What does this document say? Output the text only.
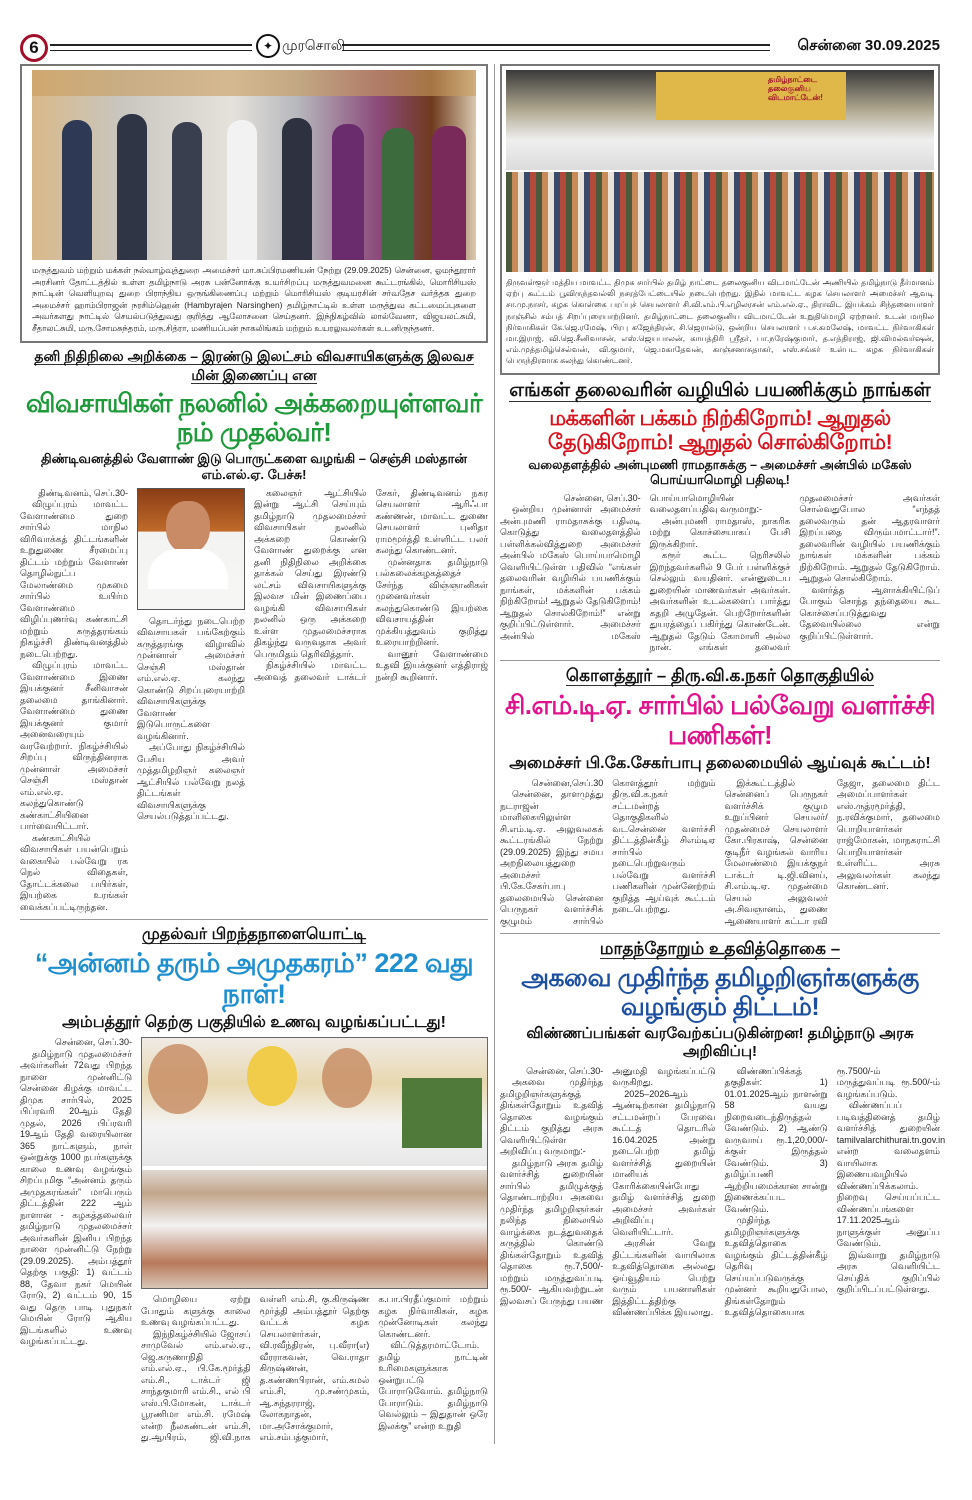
6	✦ முரசொலி	சென்னை 30.09.2025
மருத்துவம் மற்றும் மக்கள் நல்வாழ்வுத்துறை அமைச்சர் மா.சுப்பிரமணியன் நேற்று (29.09.2025) சென்னை, ஓமந்தூரார் அரசினர் தோட்டத்தில் உள்ள தமிழ்நாடு அரசு பன்னோக்கு உயர்சிறப்பு மருத்துவமனை கூட்டரங்கில், மொரிசியஸ் நாட்டின் வெளியுறவு துறை பிராந்திய ஒருங்கிணைப்பு மற்றும் மொரிசியஸ் குடியரசின் சர்வதேச வர்த்தக துறை அமைச்சர் ஹாம்பிராஜன் நரசிம்ஹென் (Hambyrajen Narsinghen) தமிழ்நாட்டில் உள்ள மருத்துவ கட்டமைப்புகளை அவர்களது நாட்டில் செயல்படுத்துவது குறித்து ஆலோசனை செய்தனர். இந்நிகழ்வில் லால்வேனா, விஜயலட்சுமி, சீதாலட்சுமி, மரு.சோமசுந்தரம், மரு.சித்ரா, மணியப்பன் நாகலிங்கம் மற்றும் உயரலுவலர்கள் உடனிருந்தனர்.
தனி நிதிநிலை அறிக்கை – இரண்டு இலட்சம் விவசாயிகளுக்கு இலவச மின் இணைப்பு என
விவசாயிகள் நலனில் அக்கறையுள்ளவர் நம் முதல்வர்!
திண்டிவனத்தில் வேளாண் இடு பொருட்களை வழங்கி – செஞ்சி மஸ்தான் எம்.எல்.ஏ. பேச்சு!

திண்டிவனம், செப்.30-

விழுப்புரம் மாவட்ட வேளாண்மை துறை சார்பில் மாநில விரிவாக்கத் திட்டங்களின் உறுதுணை சீரமைப்பு திட்டம் மற்றும் வேளாண் தொழில்நுட்ப மேலாண்மை முகமை சார்பில் உயிர்ம வேளாண்மை விழிப்புணர்வு கண்காட்சி மற்றும் கருத்தரங்கம் நிகழ்ச்சி திண்டிவனத்தில் நடைபெற்றது.

விழுப்புரம் மாவட்ட வேளாண்மை இணை இயக்குனர் சீனிவாசன் தலைமை தாங்கினார். வேளாண்மை துணை இயக்குனர் குமார் அனைவரையும் வரவேற்றார். நிகழ்ச்சியில் சிறப்பு விருந்தினராக முன்னாள் அமைச்சர் செஞ்சி மஸ்தான் எம்.எல்.ஏ. கலந்துகொண்டு கண்காட்சியினை பார்வையிட்டார்.

கண்காட்சியில் விவசாயிகள் பயன்பெறும் வகையில் பல்வேறு ரக நெல் விதைகள், தோட்டக்கலை பயிர்கள், இயற்கை உரங்கள் வைக்கப்பட்டிருந்தன.

தொடர்ந்து நடைபெற்ற விவசாயகள் பங்கேற்கும் கருத்தரங்கு விழாவில் முன்னாள் அமைச்சர் செஞ்சி மஸ்தான் எம்.எல்.ஏ. கலந்து கொண்டு சிறப்புரையாற்றி விவசாயிகளுக்கு வேளாண் இடுபொருட்களை வழங்கினார்.

அப்போது நிகழ்ச்சியில் பேசிய அவர் முத்தமிழறிஞர் கலைஞர் ஆட்சியில் பல்வேறு நலத் திட்டங்கள் விவசாயிகளுக்கு செயல்படுத்தப்பட்டது.

கலைஞர் ஆட்சியில் இன்று ஆட்சி செய்யும் தமிழ்நாடு முதலமைச்சர் விவசாயிகள் நலனில் அக்கறை கொண்டு வேளாண் துறைக்கு என தனி நிதிநிலை அறிக்கை தாக்கல் செய்து இரண்டு லட்சம் விவசாயிகளுக்கு இலவச மின் இணைப்பை வழங்கி விவசாயிகள் நலனில் ஒரு அக்கறை உள்ள முதலமைச்சராக திகழ்ந்து வருவதாக அவர் பெருமிதம் தெரிவித்தார்.

நிகழ்ச்சியில் மாவட்ட அவைத் தலைவர் டாக்டர் சேகர், திண்டிவனம் நகர செயலாளர் ஆரிஃபா கண்ணன், மாவட்ட துணை செயலாளர் புனிதா ராமமூர்த்தி உள்ளிட்ட பலர் கலந்து கொண்டனர்.

முன்னதாக தமிழ்நாடு பல்கலைக்கழகத்தைச் சேர்ந்த விஞ்ஞானிகள் முனைவர்கள் கலந்துகொண்டு இயற்கை விவசாயத்தின் முக்கியத்துவம் குறித்து உரையாற்றினர்.

வானூர் வேளாண்மை உதவி இயக்குனர் எத்திராஜ் நன்றி கூறினார்.

முதல்வர் பிறந்தநாளையொட்டி
“அன்னம் தரும் அமுதகரம்” 222 வது நாள்!
அம்பத்தூர் தெற்கு பகுதியில் உணவு வழங்கப்பட்டது!

சென்னை, செப்.30-

தமிழ்நாடு முதலமைச்சர் அவர்களின் 72வது பிறந்த நாளை முன்னிட்டு சென்னை கிழக்கு மாவட்ட திமுக சார்பில், 2025 பிப்ரவரி 20ஆம் தேதி முதல், 2026 பிப்ரவரி 19ஆம் தேதி வரையிலான 365 நாட்களும், நாள் ஒன்றுக்கு 1000 நபர்களுக்கு காலை உணவு வழங்கும் சிறப்புமிகு “அன்னம் தரும் அமுதகரங்கள்” மாபெரும் திட்டத்தின் 222 ஆம் நாளான - கழகத்தலைவர் தமிழ்நாடு முதலமைச்சர் அவர்களின் இனிய பிறந்த நாளை முன்னிட்டு நேற்று (29.09.2025). அம்பத்தூர் தெற்கு பகுதி: 1) வட்டம் 88, தேவா நகர் மெயின் ரோடு, 2) வட்டம் 90, 15 வது தெரு பாடி புதுநகர் மெயின் ரோடு ஆகிய இடங்களில் உணவு வழங்கப்பட்டது.

மொழியை ஏற்று போதும் களுக்கு காலை உணவு வழங்கப்பட்டது.

இந்நிகழ்ச்சியில் ஜோசப் சாமுவேல் எம்.எல்.ஏ., ஜெ.கருணாநிதி எம்.எல்.ஏ., பி.கே.மூர்த்தி எம்.சி., டாக்டர் ஜி சாந்தகுமாரி எம்.சி., எல் பி எஸ்.பி.மோகன், டாக்டர் பூரணிமா எம்.சி. ரமேஷ் என்ற நீலகண்டன் எம்.சி, து.ஆயிரம், ஜி.வி.நாக வள்ளி எம்.சி, கு.கிருஷ்ண மூர்த்தி அம்பத்தூர் தெற்கு வட்டக் கழக செயலாளர்கள், வி.ரவீந்திரன், பு.வீரா(எ) வீரராகவன், வெ.ராதா கிருஷ்ணன், த.கண்ணபிரான், எம்.கமல் எம்.சி, மு.சண்முகம், ஆ.சுந்தரராஜ், லோகநாதன், மா.அசோக்குமார், எம்.சம்பத்குமார், க.பா.பிரதீப்குமார் மற்றும் கழக நிர்வாகிகள், கழக முன்னோடிகள் கலந்து கொண்டனர்.

விட்டுத்தரமாட்டோம். தமிழ் நாட்டின் உரிமைகளுக்காக ஒன்றுபட்டு போராடுவோம். தமிழ்நாடு போராடும். தமிழ்நாடு வெல்லும் – இதுதான் ஒரே இலக்கு” என்ற உறுதி

தமிழ்நாட்டை தலைகுனிய விடமாட்டேன்!
திருவள்ளூர் மத்திய மாவட்ட திமுக சார்பில் தமிழ் நாட்டை தலைகுனிய விடமாட்டேன் அணியில் தமிழ்நாடு தீர்மானம் ஏற்பு கூட்டம் பூவிருந்தவல்லி நசரத்பேட்டையில் நடைபெற்றது. இதில் மாவட்ட கழக செயலாளர் அமைச்சர் ஆவடி சா.மு.நாசர், கழக கொள்கை பரப்புச் செயலாளர் சி.வி.எம்.பி.எழிலரசன் எம்.எல்.ஏ., திராவிட இயக்கம் சிந்தனையாளர் நாஞ்சில் சம்பத் சிறப்புரையாற்றினர். தமிழ்நாட்டை தலைகுனிய விடமாட்டேன் உறுதிமொழி ஏற்றனர். உடன் மாநில நிர்வாகிகள் கே.ஜெ.ரமேஷ், பிரபு கஜேந்திரன், சி.ஜெரால்டு, ஒன்றிய செயலாளர் ப.ச.கமலேஷ், மாவட்ட நிர்வாகிகள் மா.இராஜ், வி.ஜெ.சீனிவாசன், எஸ்.ஜெயபாலன், காயத்திரி ஸ்ரீதர், பா.நரேஷ்குமார், த.எத்திராஜ், ஜி.விமல்வர்ஷன், எம்.முத்தமிழ்செல்வன், வி.குமார், ஜெ.மகாதேவன், காஞ்சனாசுதாகர், எஸ்.சங்கர் உள்பட கழக நிர்வாகிகள் பெருந்திரளாக கலந்து கொண்டனர்.
எங்கள் தலைவரின் வழியில் பயணிக்கும் நாங்கள்
மக்களின் பக்கம் நிற்கிறோம்! ஆறுதல் தேடுகிறோம்! ஆறுதல் சொல்கிறோம்!
வலைதளத்தில் அன்புமணி ராமதாசுக்கு – அமைச்சர் அன்பில் மகேஸ் பொய்யாமொழி பதிலடி!

சென்னை, செப்.30-

ஒன்றிய முன்னாள் அமைச்சர் அன்புமணி ராமதாசுக்கு பதிலடி கொடுத்து வலைதளத்தில் பள்ளிக்கல்வித்துறை அமைச்சர் அன்பில் மகேஸ் பொய்யாமொழி வெளியிட்டுள்ள பதிவில் “எங்கள் தலைவரின் வழியில் பயணிக்கும் நாங்கள், மக்களின் பக்கம் நிற்கிறோம்! ஆறுதல் தேடுகிறோம்! ஆறுதல் சொல்கிறோம்!” என்று குறிப்பிட்டுள்ளார். அமைச்சர் அன்பில் மகேஸ் பொய்யாமொழியின் வலைதளப்பதிவு வருமாறு:-

அன்புமணி ராமதாஸ், நாகரிக மற்று கொச்சையாகப் பேசி இருக்கிறார்.

கரூர் கூட்ட நெரிசலில் இறந்தவர்களில் 9 பேர் பள்ளிக்குச் செல்லும் வயதினர். என்னுடைய துறையின் மாணவர்கள் அவர்கள். அவர்களின் உடல்களைப் பார்த்து கதறி அழுதேன். பெற்றோர்களின் துயரத்தைப் பகிர்ந்து கொண்டேன். ஆறுதல் தேடும் கோமாளி அல்ல நான். எங்கள் தலைவர் முதலமைச்சர் அவர்கள் சொல்வதுபோல “எந்தத் தலைவரும் தன் ஆதரவாளர் இறப்பதை விரும்பமாட்டார்!”. தலைவரின் வழியில் பயணிக்கும் நாங்கள் மக்களின் பக்கம் நிற்கிறோம். ஆறுதல் தேடுகிறோம். ஆறுதல் சொல்கிறோம்.

வளர்த்த ஆளாக்கியிட்டுப் போகும் சொந்த தந்தையை கூட கொச்சைப்படுத்துவது தேவையில்லை என்று குறிப்பிட்டுள்ளார்.

கொளத்தூர் – திரு.வி.க.நகர் தொகுதியில்
சி.எம்.டி.ஏ. சார்பில் பல்வேறு வளர்ச்சி பணிகள்!
அமைச்சர் பி.கே.சேகர்பாபு தலைமையில் ஆய்வுக் கூட்டம்!

சென்னை,செப்.30

சென்னை, தாளமுத்து நடராஜன் மாளிகையிலுள்ள சி.எம்.டி.ஏ. அலுவலகக் கூட்டரங்கில் நேற்று (29.09.2025) இந்து சமய அறநிலையத்துறை அமைச்சர் பி.கே.சேகர்பாபு தலைமையில் சென்னை பெருநகர் வளர்ச்சிக் குழுமம் சார்பில் கொளத்தூர் மற்றும் திரு.வி.க.நகர் சட்டமன்றத் தொகுதிகளில் வடசென்னை வளர்ச்சி திட்டத்தின்கீழ் சிஎம்டிஏ சார்பில் நடைபெற்றுவரும் பல்வேறு வளர்ச்சி பணிகளின் முன்னேற்றம் குறித்த ஆய்வுக் கூட்டம் நடைபெற்றது.

இக்கூட்டத்தில் சென்னைப் பெருநகர் வளர்ச்சிக் குழும உறுப்பினர் செயலர்/முதன்மைச் செயலாளர் கோ.பிரகாஷ், சென்னை குடிநீர் வழங்கல் வாரிய மேலாண்மை இயக்குநர் டாக்டர் டி.ஜி.வினய், சி.எம்.டி.ஏ. முதன்மை செயல் அலுவலர் அ.சிவஞானம், துணை ஆணையாளர் கட்டா ரவி தேஜா, தலைமை திட்ட அமைப்பாளர்கள் எஸ்.ருத்ரமூர்த்தி, ந.ரவிக்குமார், தலைமை பொறியாளர்கள் ராஜ்மோகன், மாநகராட்சி பொறியாளர்கள் உள்ளிட்ட அரசு அலுவலர்கள் கலந்து கொண்டனர்.

மாதந்தோறும் உதவித்தொகை –
அகவை முதிர்ந்த தமிழறிஞர்களுக்கு வழங்கும் திட்டம்!
விண்ணப்பங்கள் வரவேற்கப்படுகின்றன! தமிழ்நாடு அரசு அறிவிப்பு!

சென்னை, செப்.30-

அகவை முதிர்ந்த தமிழறிஞர்களுக்குத் திங்கள்தோறும் உதவித் தொகை வழங்கும் திட்டம் குறித்து அரசு வெளியிட்டுள்ள அறிவிப்பு வருமாறு:-

தமிழ்நாடு அரசு தமிழ் வளர்ச்சித் துறையின் சார்பில் தமிழுக்குத் தொண்டாற்றிய அகவை முதிர்ந்த தமிழறிஞர்கள் நலிந்த நிலையில் வாழ்க்கை நடத்துவதைக் கருத்தில் கொண்டு திங்கள்தோறும் உதவித் தொகை ரூ.7,500/- மற்றும் மருத்துவப்படி ரூ.500/- ஆகியவற்றுடன் இலவசப் பேருந்து பயண அனுமதி வழங்கப்பட்டு வருகிறது.

2025–2026ஆம் ஆண்டிற்கான தமிழ்நாடு சட்டமன்றப் பேரவை கூட்டத் தொடரில் 16.04.2025 அன்று நடைபெற்ற தமிழ் வளர்ச்சித் துறையின் மானியக் கோரிக்கையின்போது தமிழ் வளர்ச்சித் துறை அமைச்சர் அவர்கள் அறிவிப்பு வெளியிட்டார்.

அரசின் வேறு திட்டங்களின் வாயிலாக உதவித்தொகை அல்லது ஓய்வூதியம் பெற்று வரும் பயனாளிகள் இத்திட்டத்திற்கு விண்ணப்பிக்க இயலாது.

விண்ணப்பிக்கத் தகுதிகள்: 1) 01.01.2025ஆம் நாளன்று 58 வயது நிறைவடைந்திருத்தல் வேண்டும். 2) ஆண்டு வருவாய் ரூ.1,20,000/-க்குள் இருத்தல் வேண்டும். 3) தமிழ்ப்பணி ஆற்றியமைக்கான சான்று இணைக்கப்பட வேண்டும்.

முதிர்ந்த தமிழறிஞர்களுக்கு உதவித்தொகை வழங்கும் திட்டத்தின்கீழ் தெரிவு செய்யப்படுவருக்கு முன்னர் கூறியதுபோல, திங்கள்தோறும் உதவித்தொகையாக ரூ.7500/-ம் மருத்துவப்படி ரூ.500/-ம் வழங்கப்படும்.

விண்ணப்பப் படிவத்தினைத் தமிழ் வளர்ச்சித் துறையின் tamilvalarchithurai.tn.gov.in என்ற வலைதளம் வாயிலாக இணையவழியில் விண்ணப்பிக்கலாம். நிறைவு செய்யப்பட்ட விண்ணப்பங்களை 17.11.2025ஆம் நாளுக்குள் அனுப்ப வேண்டும்.

இவ்வாறு தமிழ்நாடு அரசு வெளியிட்ட செய்திக் குறிப்பில் குறிப்பிடப்பட்டுள்ளது.
